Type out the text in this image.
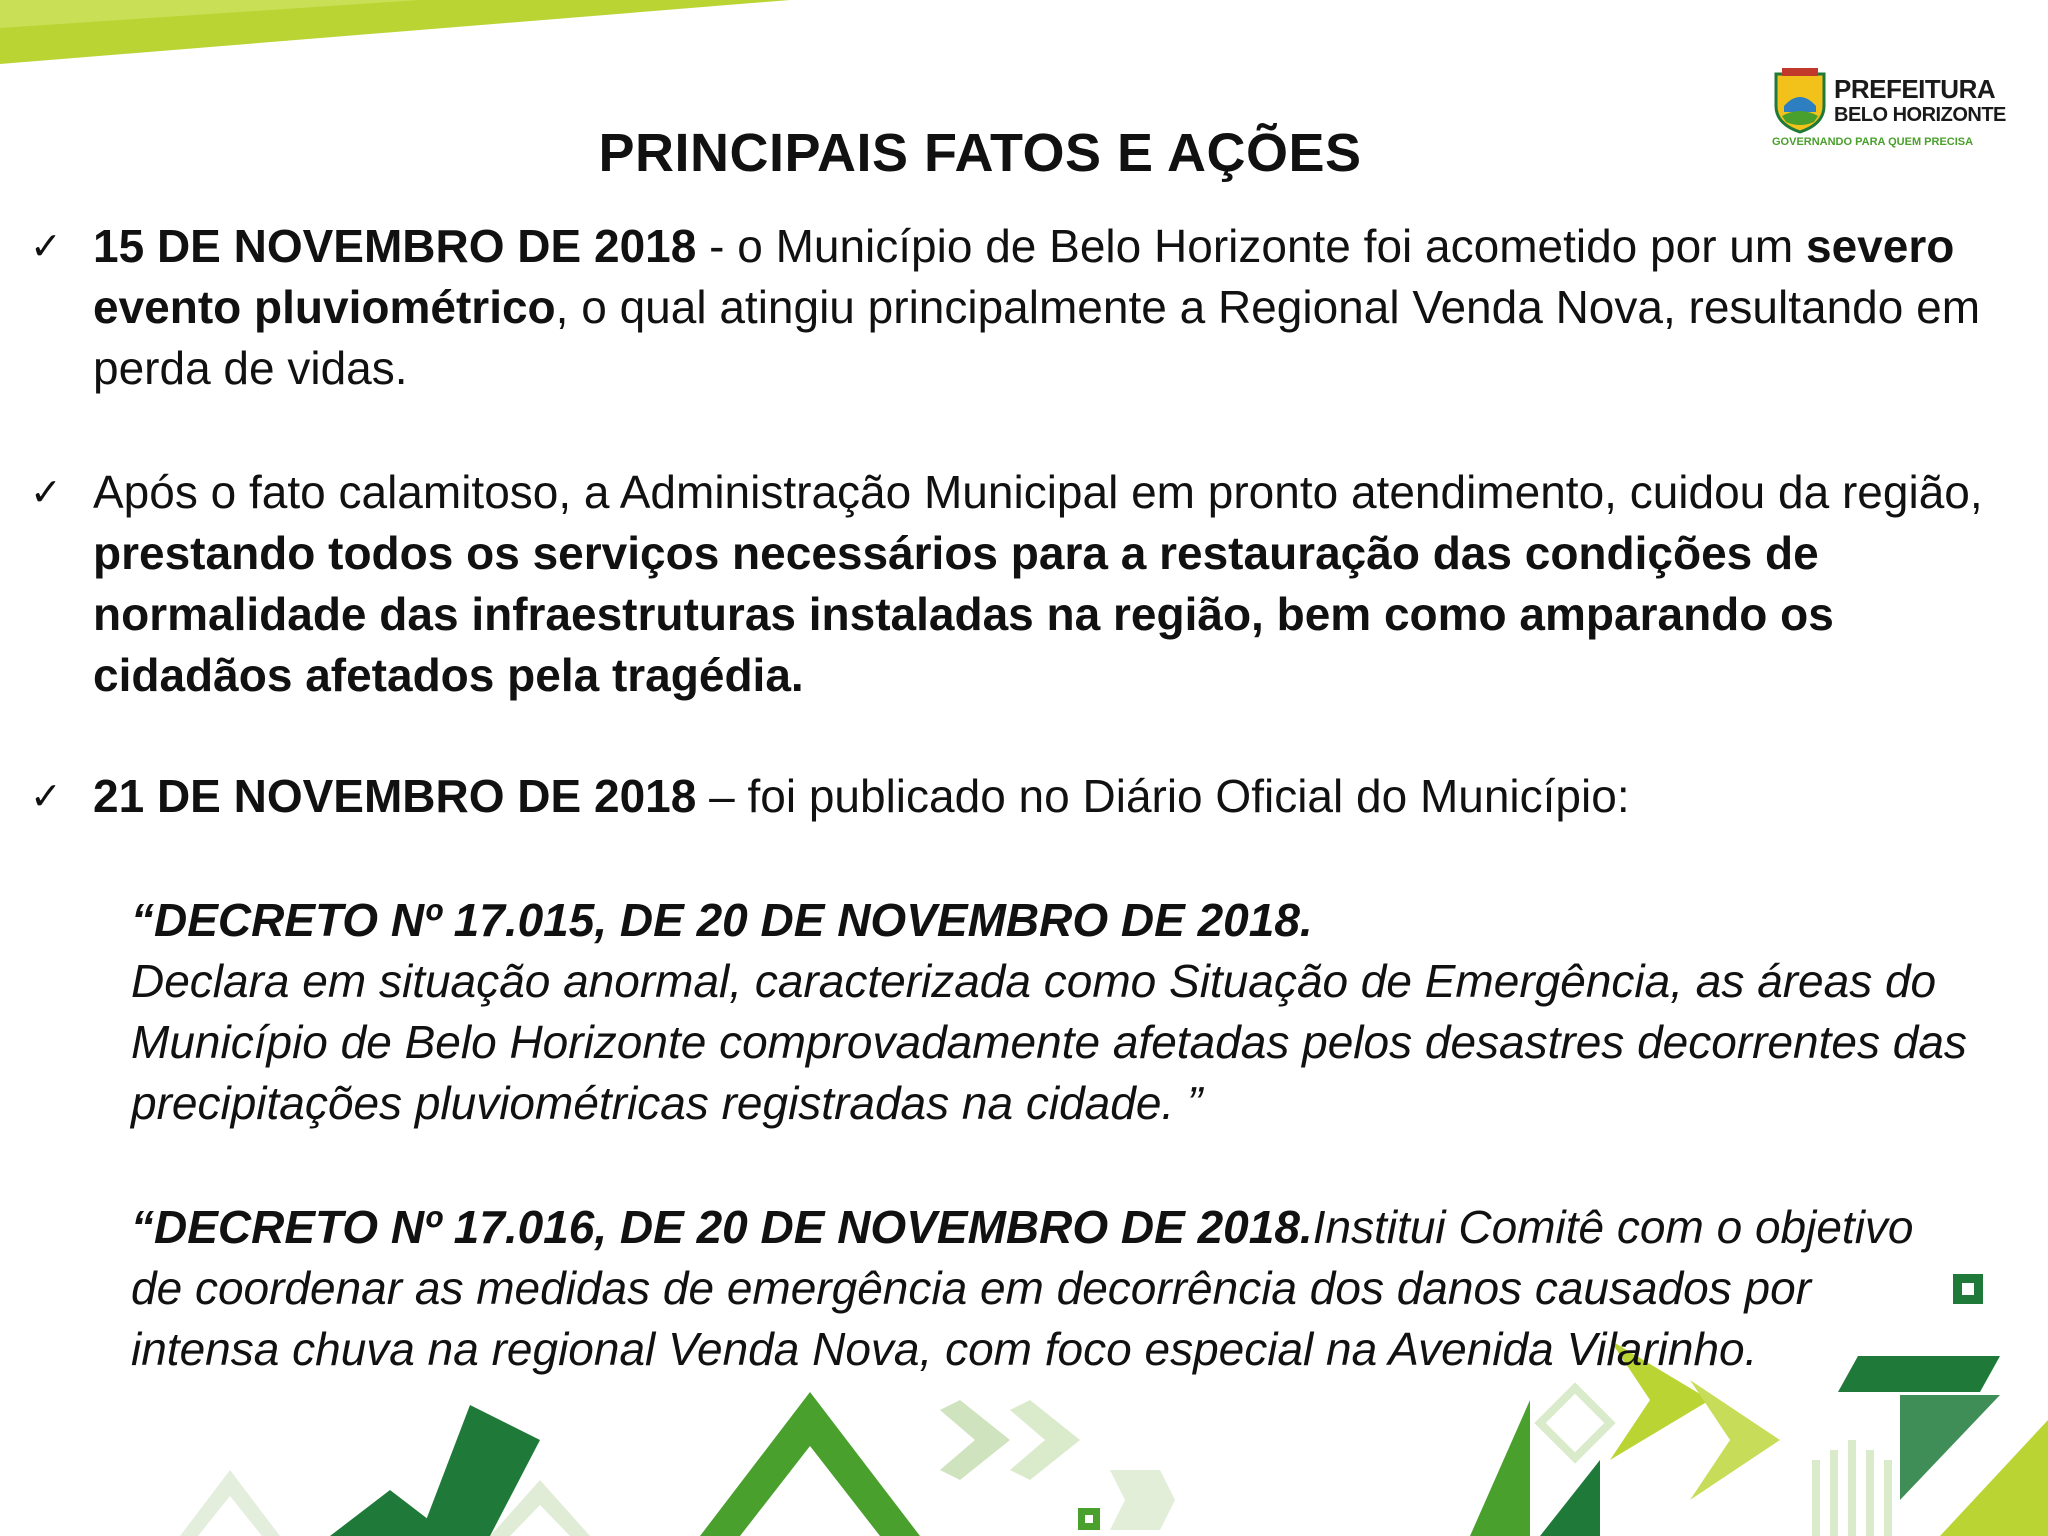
PREFEITURA
BELO HORIZONTE
GOVERNANDO PARA QUEM PRECISA
PRINCIPAIS FATOS E AÇÕES
✓ 15 DE NOVEMBRO DE 2018 - o Município de Belo Horizonte foi acometido por um severo evento pluviométrico, o qual atingiu principalmente a Regional Venda Nova, resultando em perda de vidas.
✓ Após o fato calamitoso, a Administração Municipal em pronto atendimento, cuidou da região, prestando todos os serviços necessários para a restauração das condições de normalidade das infraestruturas instaladas na região, bem como amparando os cidadãos afetados pela tragédia.
✓ 21 DE NOVEMBRO DE 2018 – foi publicado no Diário Oficial do Município:
“DECRETO Nº 17.015, DE 20 DE NOVEMBRO DE 2018.
Declara em situação anormal, caracterizada como Situação de Emergência, as áreas do Município de Belo Horizonte comprovadamente afetadas pelos desastres decorrentes das precipitações pluviométricas registradas na cidade. ”
“DECRETO Nº 17.016, DE 20 DE NOVEMBRO DE 2018.Institui Comitê com o objetivo de coordenar as medidas de emergência em decorrência dos danos causados por intensa chuva na regional Venda Nova, com foco especial na Avenida Vilarinho.
